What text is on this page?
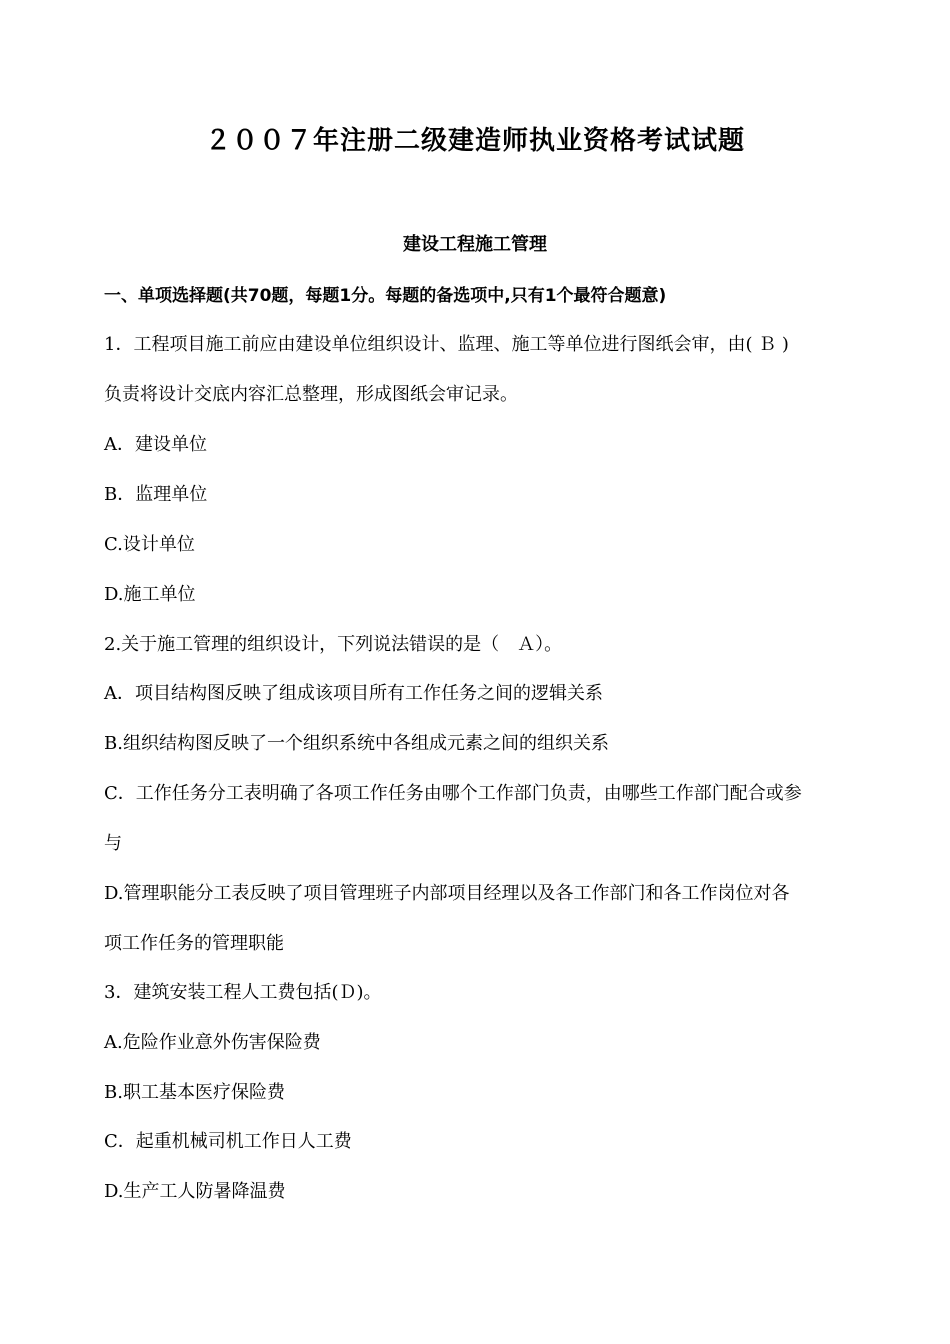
２００７年注册二级建造师执业资格考试试题
建设工程施工管理
一、单项选择题(共70题，每题1分。每题的备选项中,只有1个最符合题意)
1．工程项目施工前应由建设单位组织设计、监理、施工等单位进行图纸会审，由( Ｂ )
负责将设计交底内容汇总整理，形成图纸会审记录。
A．建设单位
B．监理单位
C.设计单位
D.施工单位
2.关于施工管理的组织设计，下列说法错误的是（　Ａ）。
A．项目结构图反映了组成该项目所有工作任务之间的逻辑关系
B.组织结构图反映了一个组织系统中各组成元素之间的组织关系
C．工作任务分工表明确了各项工作任务由哪个工作部门负责，由哪些工作部门配合或参
与
D.管理职能分工表反映了项目管理班子内部项目经理以及各工作部门和各工作岗位对各
项工作任务的管理职能
3．建筑安装工程人工费包括(Ｄ)。
A.危险作业意外伤害保险费
B.职工基本医疗保险费
C．起重机械司机工作日人工费
D.生产工人防暑降温费
